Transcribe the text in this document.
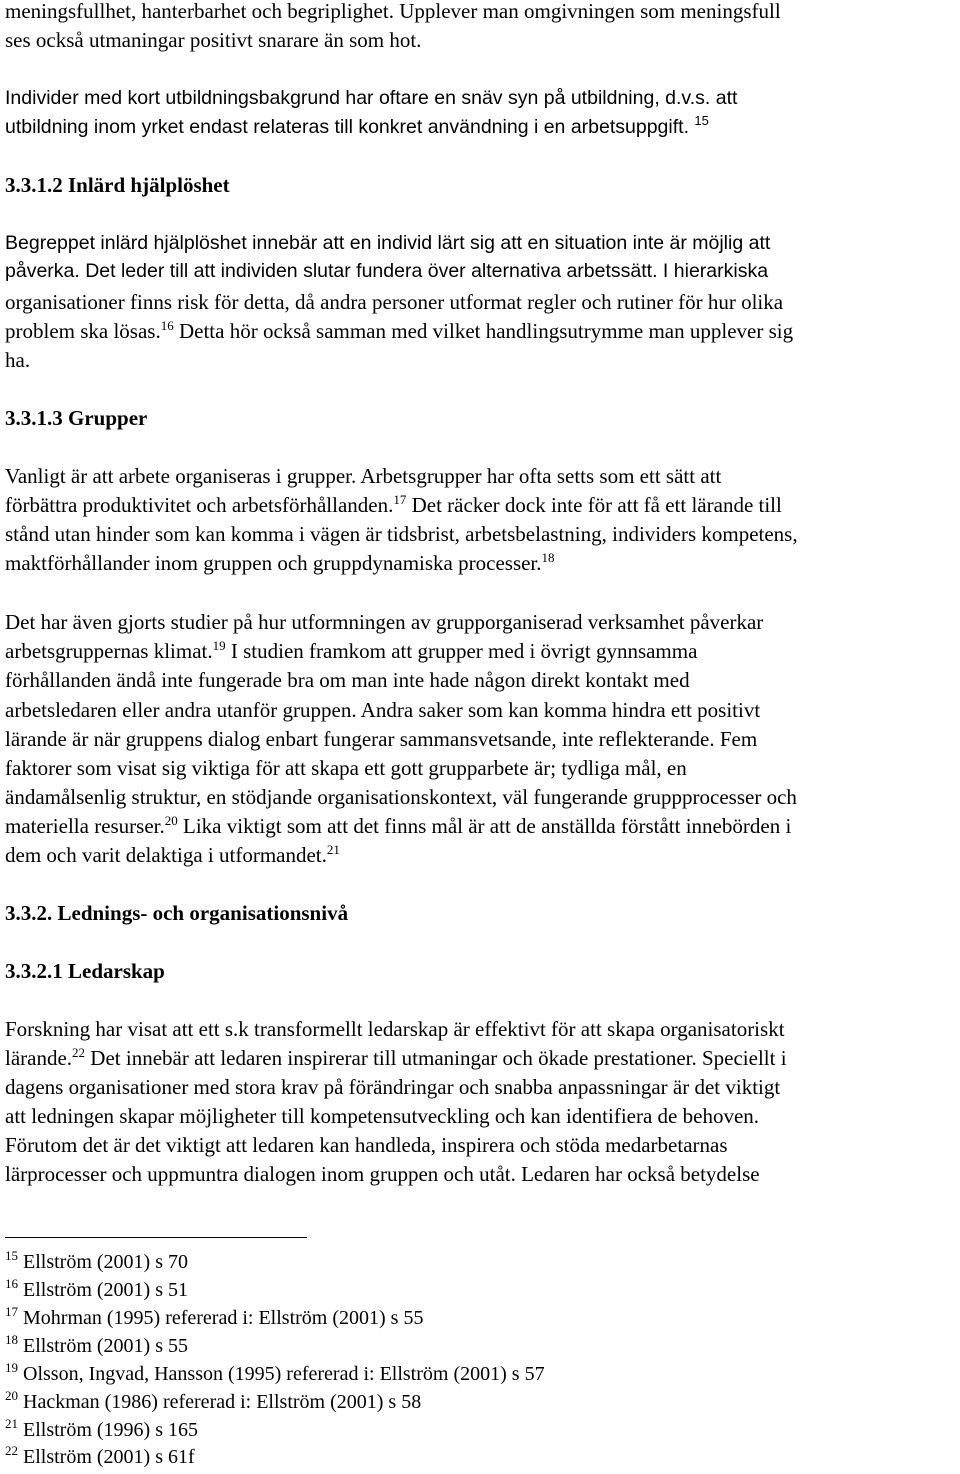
meningsfullhet, hanterbarhet och begriplighet. Upplever man omgivningen som meningsfull
ses också utmaningar positivt snarare än som hot.
Individer med kort utbildningsbakgrund har oftare en snäv syn på utbildning, d.v.s. att
utbildning inom yrket endast relateras till konkret användning i en arbetsuppgift. $^{15}$
3.3.1.2 Inlärd hjälplöshet
Begreppet inlärd hjälplöshet innebär att en individ lärt sig att en situation inte är möjlig att
påverka. Det leder till att individen slutar fundera över alternativa arbetssätt. I hierarkiska
organisationer finns risk för detta, då andra personer utformat regler och rutiner för hur olika
problem ska lösas.$^{16}$ Detta hör också samman med vilket handlingsutrymme man upplever sig
ha.
3.3.1.3 Grupper
Vanligt är att arbete organiseras i grupper. Arbetsgrupper har ofta setts som ett sätt att
förbättra produktivitet och arbetsförhållanden.$^{17}$ Det räcker dock inte för att få ett lärande till
stånd utan hinder som kan komma i vägen är tidsbrist, arbetsbelastning, individers kompetens,
maktförhållander inom gruppen och gruppdynamiska processer.$^{18}$
Det har även gjorts studier på hur utformningen av grupporganiserad verksamhet påverkar
arbetsgruppernas klimat.$^{19}$ I studien framkom att grupper med i övrigt gynnsamma
förhållanden ändå inte fungerade bra om man inte hade någon direkt kontakt med
arbetsledaren eller andra utanför gruppen. Andra saker som kan komma hindra ett positivt
lärande är när gruppens dialog enbart fungerar sammansvetsande, inte reflekterande. Fem
faktorer som visat sig viktiga för att skapa ett gott grupparbete är; tydliga mål, en
ändamålsenlig struktur, en stödjande organisationskontext, väl fungerande gruppprocesser och
materiella resurser.$^{20}$ Lika viktigt som att det finns mål är att de anställda förstått innebörden i
dem och varit delaktiga i utformandet.$^{21}$
3.3.2. Lednings- och organisationsnivå
3.3.2.1 Ledarskap
Forskning har visat att ett s.k transformellt ledarskap är effektivt för att skapa organisatoriskt
lärande.$^{22}$ Det innebär att ledaren inspirerar till utmaningar och ökade prestationer. Speciellt i
dagens organisationer med stora krav på förändringar och snabba anpassningar är det viktigt
att ledningen skapar möjligheter till kompetensutveckling och kan identifiera de behoven.
Förutom det är det viktigt att ledaren kan handleda, inspirera och stöda medarbetarnas
lärprocesser och uppmuntra dialogen inom gruppen och utåt. Ledaren har också betydelse
$^{15}$ Ellström (2001) s 70
$^{16}$ Ellström (2001) s 51
$^{17}$ Mohrman (1995) refererad i: Ellström (2001) s 55
$^{18}$ Ellström (2001) s 55
$^{19}$ Olsson, Ingvad, Hansson (1995) refererad i: Ellström (2001) s 57
$^{20}$ Hackman (1986) refererad i: Ellström (2001) s 58
$^{21}$ Ellström (1996) s 165
$^{22}$ Ellström (2001) s 61f
